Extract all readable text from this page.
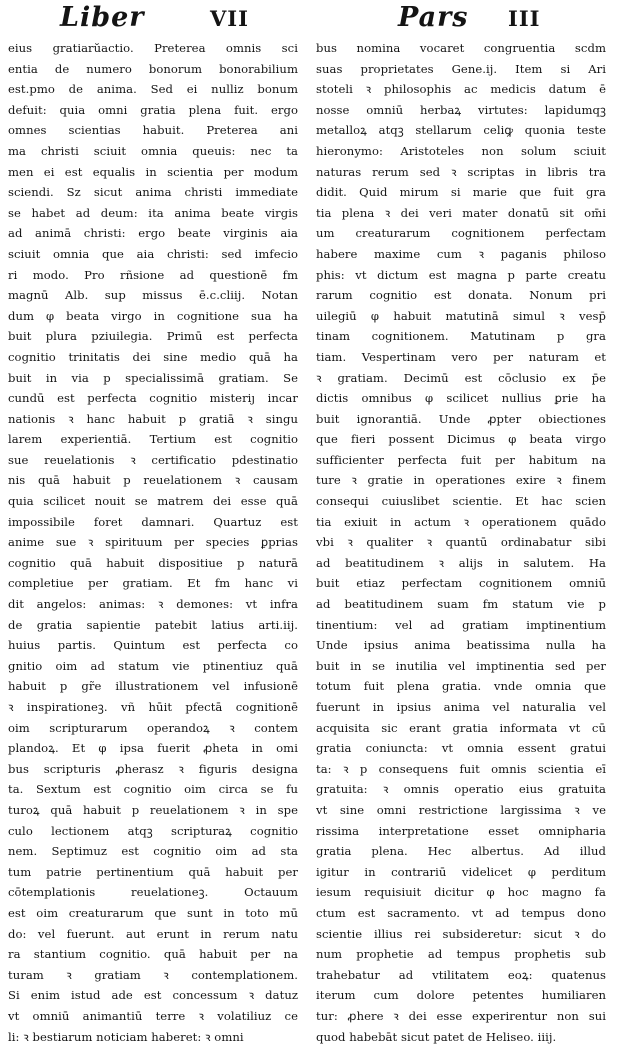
Liber	VII	Pars III
eius gratiarŭactio. Preterea omnis sci
entia de numero bonorum bonorabilium
est.pmo de anima. Sed ei nulliz bonum
defuit: quia omni gratia plena fuit. ergo
omnes scientias habuit. Preterea ani
ma christi sciuit omnia queuis: nec ta
men ei est equalis in scientia per modum
sciendi. Sz sicut anima christi immediate
se habet ad deum: ita anima beate virgis
ad animā christi: ergo beate virginis aia
sciuit omnia que aia christi: sed imfecio
ri modo. Pro rñsione ad questionē fm
magnū Alb. sup missus ē.c.cliij. Notan
dum φ beata virgo in cognitione sua ha
buit plura pziuilegia. Primū est perfecta
cognitio trinitatis dei sine medio quā ha
buit in via p specialissimā gratiam. Se
cundū est perfecta cognitio misteriȷ incar
nationis ꝛ hanc habuit p gratiā ꝛ singu
larem experientiā. Tertium est cognitio
sue reuelationis ꝛ certificatio pdestinatio
nis quā habuit p reuelationem ꝛ causam
quia scilicet nouit se matrem dei esse quā
impossibile foret damnari. Quartuz est
anime sue ꝛ spirituum per species ꝑprias
cognitio quā habuit dispositiue p naturā
completiue per gratiam. Et fm hanc vi
dit angelos: animas: ꝛ demones: vt infra
de gratia sapientie patebit latius arti.iij.
huius partis. Quintum est perfecta co
gnitio oim ad statum vie ptinentiuz quā
habuit p gr̃e illustrationem vel infusionē
ꝛ inspirationeꝫ. vñ hūit pfectā cognitionē
oim scripturarum operandoꝝ ꝛ contem
plandoꝝ. Et φ ipsa fuerit ꝓheta in omi
bus scripturis ꝓherasz ꝛ figuris designa
ta. Sextum est cognitio oim circa se fu
turoꝝ quā habuit p reuelationem ꝛ in spe
culo lectionem atqꝫ scripturaꝝ cognitio
nem. Septimuz est cognitio oim ad sta
tum patrie pertinentium quā habuit per
cōtemplationis reuelationeꝫ. Octauum
est oim creaturarum que sunt in toto mū
do: vel fuerunt. aut erunt in rerum natu
ra stantium cognitio. quā habuit per na
turam ꝛ gratiam ꝛ contemplationem.
Si enim istud ade est concessum ꝛ datuz
vt omniū animantiū terre ꝛ volatiliuz ce
li: ꝛ bestiarum noticiam haberet: ꝛ omni
bus nomina vocaret congruentia scdm
suas proprietates Gene.ij. Item si Ari
stoteli ꝛ philosophis ac medicis datum ē
nosse omniū herbaꝝ virtutes: lapidumqꝫ
metalloꝝ atqꝫ stellarum celiꝙ quonia teste
hieronymo: Aristoteles non solum sciuit
naturas rerum sed ꝛ scriptas in libris tra
didit. Quid mirum si marie que fuit gra
tia plena ꝛ dei veri mater donatū sit om̄i
um creaturarum cognitionem perfectam
habere maxime cum ꝛ paganis philoso
phis: vt dictum est magna p parte creatu
rarum cognitio est donata. Nonum pri
uilegiū φ habuit matutinā simul ꝛ vesp̄
tinam cognitionem. Matutinam p gra
tiam. Vespertinam vero per naturam et
ꝛ gratiam. Decimū est cōclusio ex p̄e
dictis omnibus φ scilicet nullius ꝑrie ha
buit ignorantiā. Unde ꝓpter obiectiones
que fieri possent Dicimus φ beata virgo
sufficienter perfecta fuit per habitum na
ture ꝛ gratie in operationes exire ꝛ finem
consequi cuiuslibet scientie. Et hac scien
tia exiuit in actum ꝛ operationem quādo
vbi ꝛ qualiter ꝛ quantū ordinabatur sibi
ad beatitudinem ꝛ alijs in salutem. Ha
buit etiaz perfectam cognitionem omniū
ad beatitudinem suam fm statum vie p
tinentium: vel ad gratiam imptinentium
Unde ipsius anima beatissima nulla ha
buit in se inutilia vel imptinentia sed per
totum fuit plena gratia. vnde omnia que
fuerunt in ipsius anima vel naturalia vel
acquisita sic erant gratia informata vt cū
gratia coniuncta: vt omnia essent gratui
ta: ꝛ p consequens fuit omnis scientia eī
gratuita: ꝛ omnis operatio eius gratuita
vt sine omni restrictione largissima ꝛ ve
rissima interpretatione esset omnipharia
gratia plena. Hec albertus. Ad illud
igitur in contrariū videlicet φ perditum
iesum requisiuit dicitur φ hoc magno fa
ctum est sacramento. vt ad tempus dono
scientie illius rei subsideretur: sicut ꝛ do
num prophetie ad tempus prophetis sub
trahebatur ad vtilitatem eoꝝ: quatenus
iterum cum dolore petentes humiliaren
tur: ꝓhere ꝛ dei esse experirentur non sui
quod habebāt sicut patet de Heliseo. iiij.
